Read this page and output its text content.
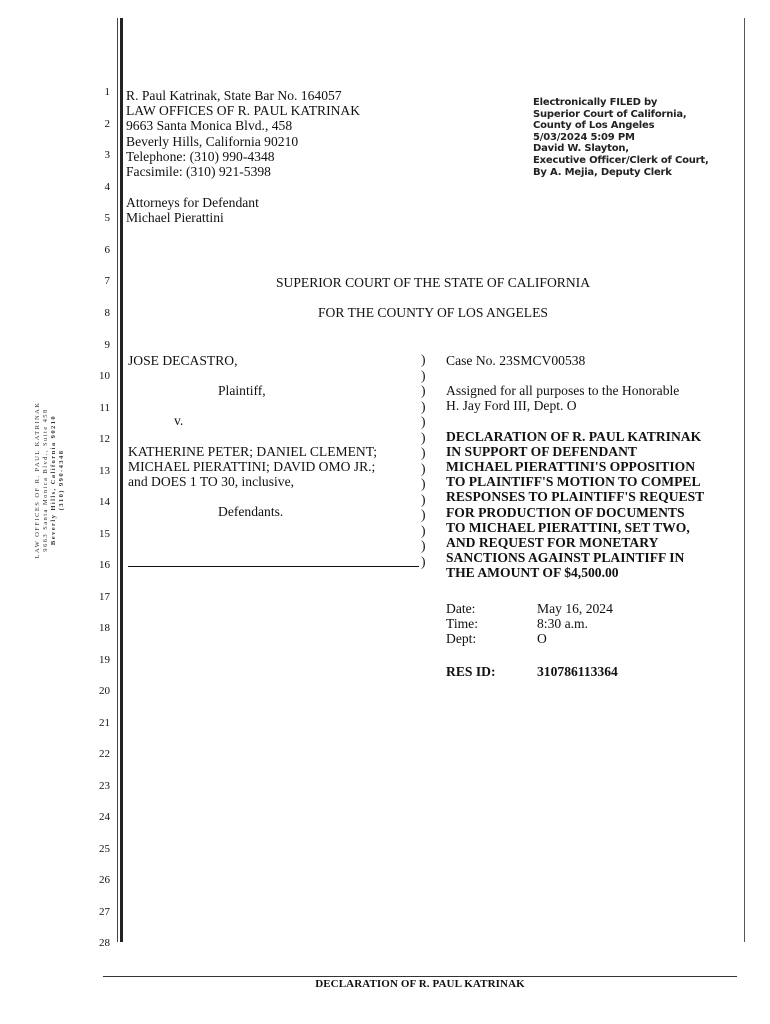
1
2
3
4
5
6
7
8
9
10
11
12
13
14
15
16
17
18
19
20
21
22
23
24
25
26
27
28
R. Paul Katrinak, State Bar No. 164057
LAW OFFICES OF R. PAUL KATRINAK
9663 Santa Monica Blvd., 458
Beverly Hills, California 90210
Telephone: (310) 990-4348
Facsimile: (310) 921-5398
Attorneys for Defendant
Michael Pierattini
Electronically FILED by
Superior Court of California,
County of Los Angeles
5/03/2024 5:09 PM
David W. Slayton,
Executive Officer/Clerk of Court,
By A. Mejia, Deputy Clerk
LAW OFFICES OF R. PAUL KATRINAK 9663 Santa Monica Blvd., Suite 458 Beverly Hills, California 90210 (310) 990-4348
SUPERIOR COURT OF THE STATE OF CALIFORNIA
FOR THE COUNTY OF LOS ANGELES
JOSE DECASTRO,
Plaintiff,
v.
KATHERINE PETER; DANIEL CLEMENT;
MICHAEL PIERATTINI; DAVID OMO JR.;
and DOES 1 TO 30, inclusive,
Defendants.
)
)
)
)
)
)
)
)
)
)
)
)
)
)
Case No. 23SMCV00538
Assigned for all purposes to the Honorable
H. Jay Ford III, Dept. O
DECLARATION OF R. PAUL KATRINAK
IN SUPPORT OF DEFENDANT
MICHAEL PIERATTINI'S OPPOSITION
TO PLAINTIFF'S MOTION TO COMPEL
RESPONSES TO PLAINTIFF'S REQUEST
FOR PRODUCTION OF DOCUMENTS
TO MICHAEL PIERATTINI, SET TWO,
AND REQUEST FOR MONETARY
SANCTIONS AGAINST PLAINTIFF IN
THE AMOUNT OF $4,500.00
Date:	May 16, 2024
Time:	8:30 a.m.
Dept:	O
RES ID:	310786113364
DECLARATION OF R. PAUL KATRINAK
